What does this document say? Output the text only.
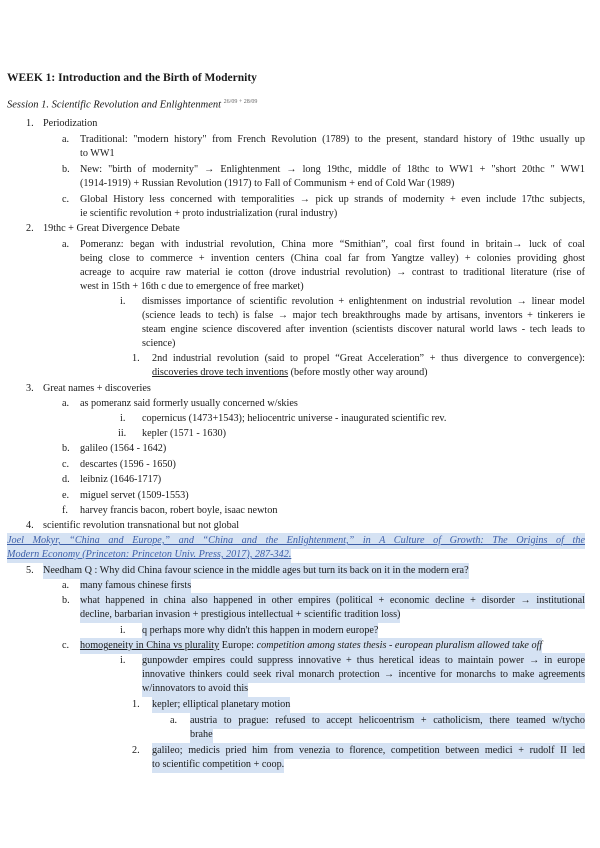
WEEK 1: Introduction and the Birth of Modernity
Session 1. Scientific Revolution and Enlightenment $^{26/09 + 28/09}$
1. Periodization
a. Traditional: "modern history" from French Revolution (1789) to the present, standard history of 19thc usually up
to WW1
b. New: "birth of modernity" → Enlightenment → long 19thc, middle of 18thc to WW1 + "short 20thc " WW1
(1914-1919) + Russian Revolution (1917) to Fall of Communism + end of Cold War (1989)
c. Global History less concerned with temporalities → pick up strands of modernity + even include 17thc subjects,
ie scientific revolution + proto industrialization (rural industry)
2. 19thc + Great Divergence Debate
a. Pomeranz: began with industrial revolution, China more “Smithian”, coal first found in britain→ luck of coal
being close to commerce + invention centers (China coal far from Yangtze valley) + colonies providing ghost
acreage to acquire raw material ie cotton (drove industrial revolution) → contrast to traditional literature (rise of
west in 15th + 16th c due to emergence of free market)
i. dismisses importance of scientific revolution + enlightenment on industrial revolution → linear model
(science leads to tech) is false → major tech breakthroughs made by artisans, inventors + tinkerers ie
steam engine science discovered after invention (scientists discover natural world laws - tech leads to
science)
1. 2nd industrial revolution (said to propel “Great Acceleration” + thus divergence to convergence):
discoveries drove tech inventions (before mostly other way around)
3. Great names + discoveries
a. as pomeranz said formerly usually concerned w/skies
i. copernicus (1473+1543); heliocentric universe - inaugurated scientific rev.
ii. kepler (1571 - 1630)
b. galileo (1564 - 1642)
c. descartes (1596 - 1650)
d. leibniz (1646-1717)
e. miguel servet (1509-1553)
f. harvey francis bacon, robert boyle, isaac newton
4. scientific revolution transnational but not global
Joel Mokyr, “China and Europe,” and “China and the Enlightenment,” in A Culture of Growth: The Origins of the
Modern Economy (Princeton: Princeton Univ. Press, 2017), 287-342.
5. Needham Q : Why did China favour science in the middle ages but turn its back on it in the modern era?
a. many famous chinese firsts
b. what happened in china also happened in other empires (political + economic decline + disorder → institutional
decline, barbarian invasion + prestigious intellectual + scientific tradition loss)
i. q perhaps more why didn't this happen in modern europe?
c. homogeneity in China vs plurality Europe: competition among states thesis - european pluralism allowed take off
i. gunpowder empires could suppress innovative + thus heretical ideas to maintain power → in europe
innovative thinkers could seek rival monarch protection → incentive for monarchs to make agreements
w/innovators to avoid this
1. kepler; elliptical planetary motion
a. austria to prague: refused to accept helicoentrism + catholicism, there teamed w/tycho
brahe
2. galileo; medicis pried him from venezia to florence, competition between medici + rudolf II led
to scientific competition + coop.
